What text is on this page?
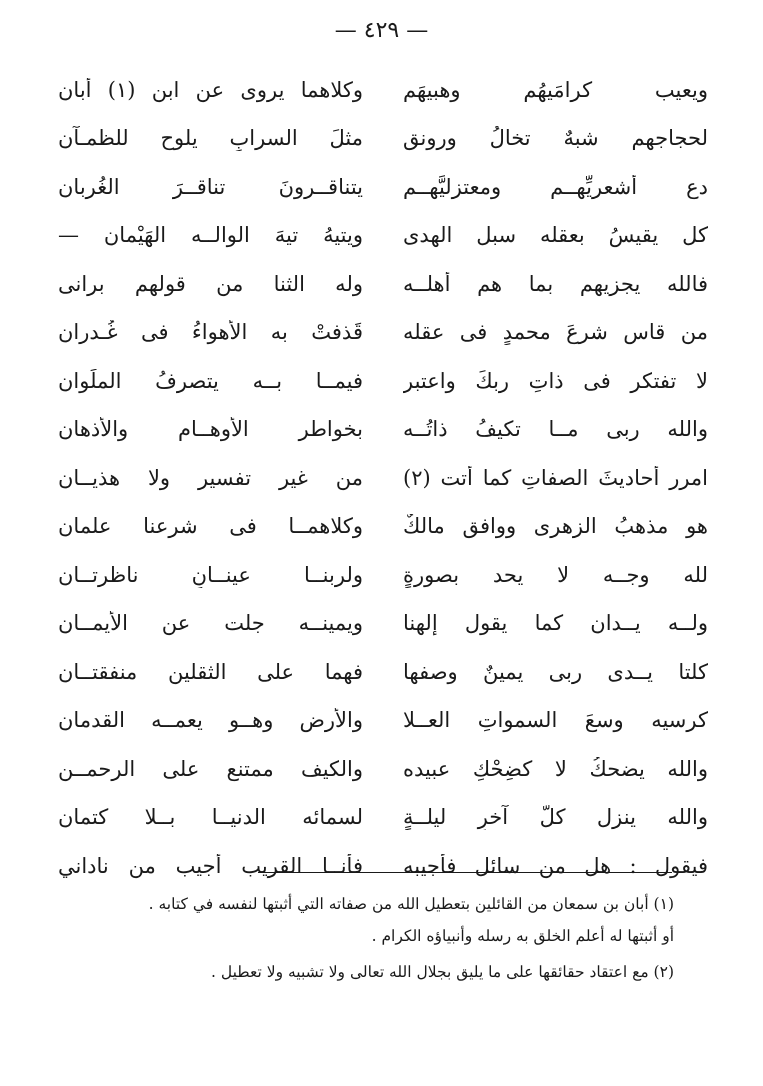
— ٤٢٩ —
ويعيب كرامَيهُم وهبيهَم
وكلاهما يروى عن ابن (١) أَبان
لحجاجهم شبهٌ تخالُ ورونق
مثلَ السرابِ يلوح للظمـآن
دع أشعريِّهــم ومعتزليَّهــم
يتناقــرونَ تناقــرَ الغُربان
كل يقيسُ بعقله سبل الهدى
ويتيهُ تيهَ الوالــه الهَيْمان —
فالله يجزيهم بما هم أهلــه
وله الثنا من قولهم برانى
من قاس شرعَ محمدٍ فى عقله
قَذفتْ به الأهواءُ فى غُـدران
لا تفتكر فى ذاتِ ربكَ واعتبر
فيمــا بــه يتصرفُ الملَوان
والله ربى مــا تكيفُ ذاتُــه
بخواطر الأوهــام والأذهان
امرر أحاديثَ الصفاتِ كما أتت (٢)
من غير تفسير ولا هذيــان
هو مذهبُ الزهرى ووافق مالكٌ
وكلاهمــا فى شرعنا علمان
لله وجــه لا يحد بصورةٍ
ولربنــا عينــانِ ناظرتــان
ولــه يــدان كما يقول إلهنا
ويمينــه جلت عن الأيمــان
كلتا يــدى ربى يمينٌ وصفها
فهما على الثقلين منفقتــان
كرسيه وسعَ السمواتِ العــلا
والأرضِ وهــو يعمــه القدمان
والله يضحكُ لا كضِحْكِ عبيده
والكيف ممتنع على الرحمــن
والله ينزل كلَّ آخرِ ليلــةٍ
لسمائه الدنيــا بــلا كتمان
فيقول : هل من سائل فأجيبه
فأنــا القريب أجيب من ناداني

(١) أبان بن سمعان من القائلين بتعطيل الله من صفاته التي أثبتها لنفسه في كتابه .

أو أثبتها له أعلم الخلق به رسله وأنبياؤه الكرام .

(٢) مع اعتقاد حقائقها على ما يليق بجلال الله تعالى ولا تشبيه ولا تعطيل .
